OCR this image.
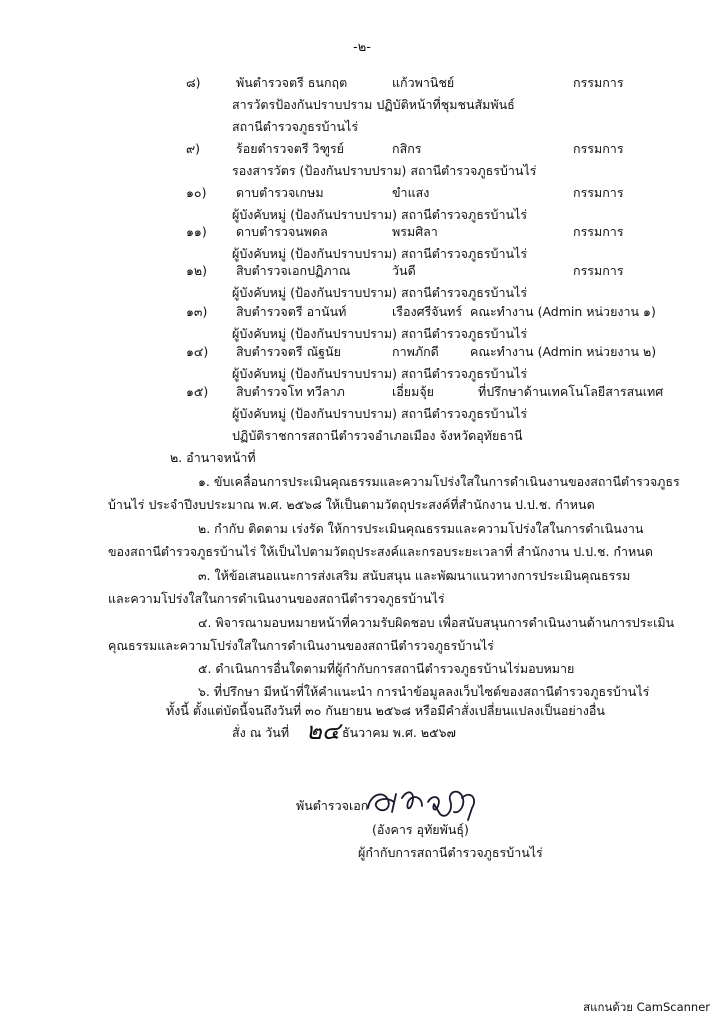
-๒-
๘)	พันตำรวจตรี ธนกฤต	แก้วพานิชย์	กรรมการ
สารวัตรป้องกันปราบปราม ปฏิบัติหน้าที่ชุมชนสัมพันธ์
สถานีตำรวจภูธรบ้านไร่
๙)	ร้อยตำรวจตรี วิฑูรย์	กสิกร	กรรมการ
รองสารวัตร (ป้องกันปราบปราม) สถานีตำรวจภูธรบ้านไร่
๑๐) ดาบตำรวจเกษม	ขำแสง	กรรมการ
ผู้บังคับหมู่ (ป้องกันปราบปราม) สถานีตำรวจภูธรบ้านไร่
๑๑) ดาบตำรวจนพดล	พรมศิลา	กรรมการ
ผู้บังคับหมู่ (ป้องกันปราบปราม) สถานีตำรวจภูธรบ้านไร่
๑๒) สิบตำรวจเอกปฏิภาณ	วันดี	กรรมการ
ผู้บังคับหมู่ (ป้องกันปราบปราม) สถานีตำรวจภูธรบ้านไร่
๑๓) สิบตำรวจตรี อานันท์	เรืองศรีจันทร์ คณะทำงาน (Admin หน่วยงาน ๑)
ผู้บังคับหมู่ (ป้องกันปราบปราม) สถานีตำรวจภูธรบ้านไร่
๑๔) สิบตำรวจตรี ณัฐนัย	กาพภักดี คณะทำงาน (Admin หน่วยงาน ๒)
ผู้บังคับหมู่ (ป้องกันปราบปราม) สถานีตำรวจภูธรบ้านไร่
๑๕) สิบตำรวจโท ทวีลาภ	เอี่ยมจุ้ย	ที่ปรึกษาด้านเทคโนโลยีสารสนเทศ
ผู้บังคับหมู่ (ป้องกันปราบปราม) สถานีตำรวจภูธรบ้านไร่
ปฏิบัติราชการสถานีตำรวจอำเภอเมือง จังหวัดอุทัยธานี
๒. อำนาจหน้าที่
๑. ขับเคลื่อนการประเมินคุณธรรมและความโปร่งใสในการดำเนินงานของสถานีตำรวจภูธร
บ้านไร่ ประจำปีงบประมาณ พ.ศ. ๒๕๖๘ ให้เป็นตามวัตถุประสงค์ที่สำนักงาน ป.ป.ช. กำหนด
๒. กำกับ ติดตาม เร่งรัด ให้การประเมินคุณธรรมและความโปร่งใสในการดำเนินงาน
ของสถานีตำรวจภูธรบ้านไร่ ให้เป็นไปตามวัตถุประสงค์และกรอบระยะเวลาที่ สำนักงาน ป.ป.ช. กำหนด
๓. ให้ข้อเสนอแนะการส่งเสริม สนับสนุน และพัฒนาแนวทางการประเมินคุณธรรม
และความโปร่งใสในการดำเนินงานของสถานีตำรวจภูธรบ้านไร่
๔. พิจารณามอบหมายหน้าที่ความรับผิดชอบ เพื่อสนับสนุนการดำเนินงานด้านการประเมิน
คุณธรรมและความโปร่งใสในการดำเนินงานของสถานีตำรวจภูธรบ้านไร่
๕. ดำเนินการอื่นใดตามที่ผู้กำกับการสถานีตำรวจภูธรบ้านไร่มอบหมาย
๖. ที่ปรึกษา มีหน้าที่ให้คำแนะนำ การนำข้อมูลลงเว็บไซต์ของสถานีตำรวจภูธรบ้านไร่
ทั้งนี้ ตั้งแต่บัดนี้จนถึงวันที่ ๓๐ กันยายน ๒๕๖๘ หรือมีคำสั่งเปลี่ยนแปลงเป็นอย่างอื่น
สั่ง ณ วันที่ ๒๔ ธันวาคม พ.ศ. ๒๕๖๗
พันตำรวจเอก
(อังคาร อุทัยพันธุ์)
ผู้กำกับการสถานีตำรวจภูธรบ้านไร่
สแกนด้วย CamScanner
